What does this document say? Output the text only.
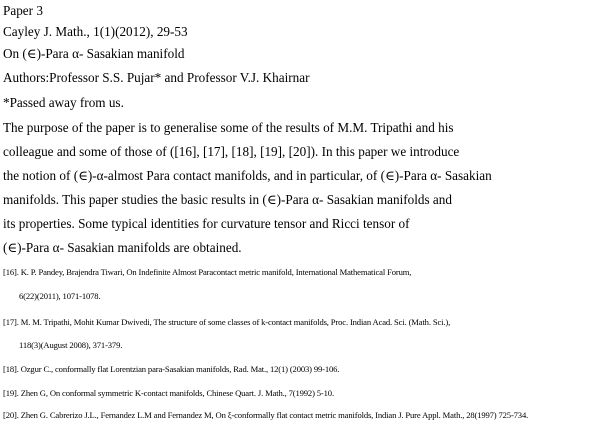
Paper 3
Cayley J. Math., 1(1)(2012), 29-53
On (∈)-Para α- Sasakian manifold
Authors:Professor S.S. Pujar* and Professor V.J. Khairnar
*Passed away from us.
The purpose of the paper is to generalise some of the results of M.M. Tripathi and his
colleague and some of those of ([16], [17], [18], [19], [20]). In this paper we introduce
the notion of (∈)-α-almost Para contact manifolds, and in particular, of (∈)-Para α- Sasakian
manifolds. This paper studies the basic results in (∈)-Para α- Sasakian manifolds and
its properties. Some typical identities for curvature tensor and Ricci tensor of
(∈)-Para α- Sasakian manifolds are obtained.
[16]. K. P. Pandey, Brajendra Tiwari, On Indefinite Almost Paracontact metric manifold, International Mathematical Forum,
6(22)(2011), 1071-1078.
[17]. M. M. Tripathi, Mohit Kumar Dwivedi, The structure of some classes of k-contact manifolds, Proc. Indian Acad. Sci. (Math. Sci.),
118(3)(August 2008), 371-379.
[18]. Ozgur C., conformally flat Lorentzian para-Sasakian manifolds, Rad. Mat., 12(1) (2003) 99-106.
[19]. Zhen G, On conformal symmetric K-contact manifolds, Chinese Quart. J. Math., 7(1992) 5-10.
[20]. Zhen G. Cabrerizo J.L., Fernandez L.M and Fernandez M, On ξ-conformally flat contact metric manifolds, Indian J. Pure Appl. Math., 28(1997) 725-734.
